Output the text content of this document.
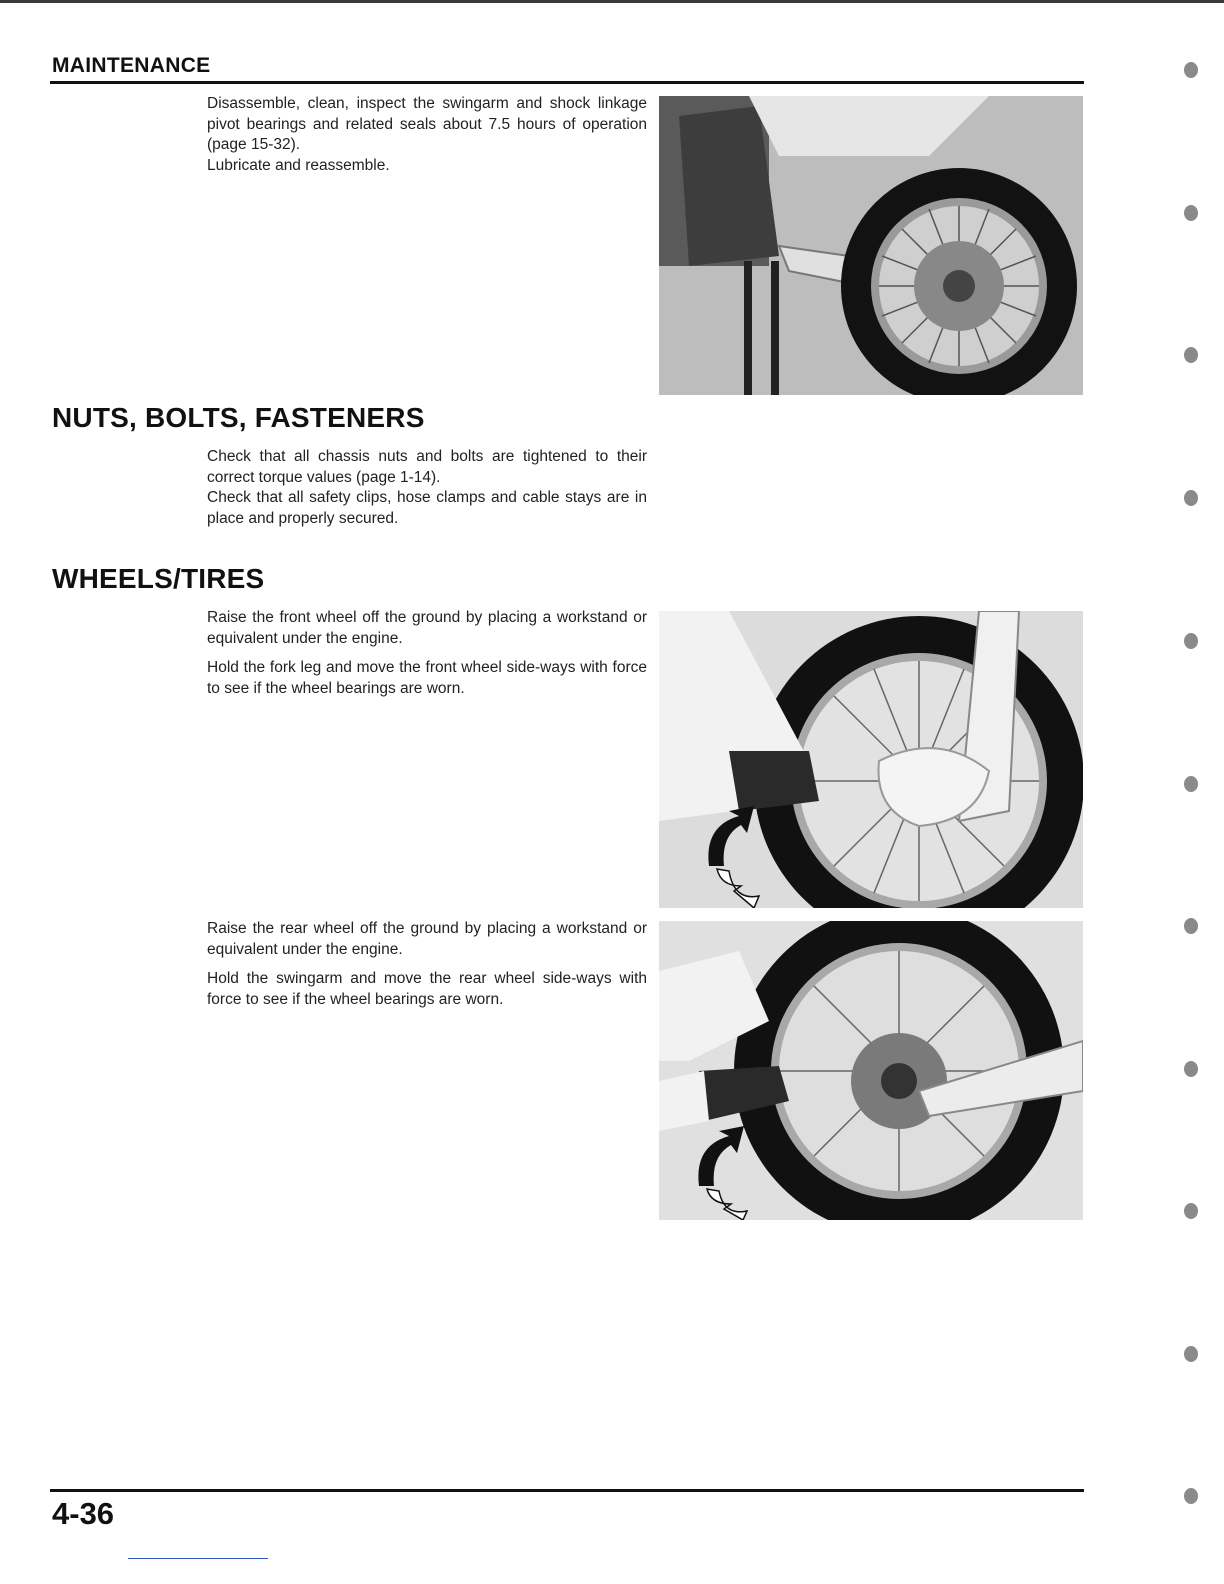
MAINTENANCE

Disassemble, clean, inspect the swingarm and shock linkage pivot bearings and related seals about 7.5 hours of operation (page 15-32).

Lubricate and reassemble.

NUTS, BOLTS, FASTENERS

Check that all chassis nuts and bolts are tightened to their correct torque values (page 1-14).

Check that all safety clips, hose clamps and cable stays are in place and properly secured.

WHEELS/TIRES

Raise the front wheel off the ground by placing a workstand or equivalent under the engine.

Hold the fork leg and move the front wheel side-ways with force to see if the wheel bearings are worn.

Raise the rear wheel off the ground by placing a workstand or equivalent under the engine.

Hold the swingarm and move the rear wheel side-ways with force to see if the wheel bearings are worn.

4-36
